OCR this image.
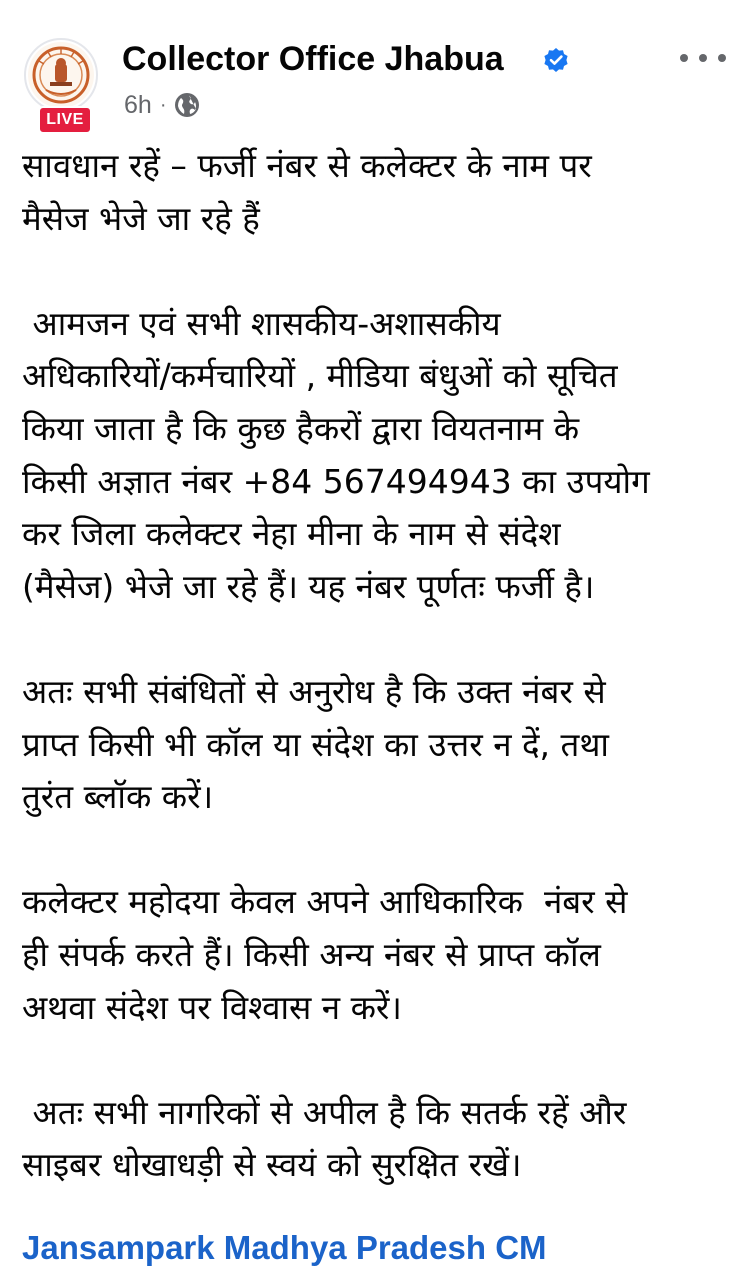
LIVE
Collector Office Jhabua
6h ·

सावधान रहें – फर्जी नंबर से कलेक्टर के नाम पर

मैसेज भेजे जा रहे हैं

आमजन एवं सभी शासकीय-अशासकीय

अधिकारियों/कर्मचारियों , मीडिया बंधुओं को सूचित

किया जाता है कि कुछ हैकरों द्वारा वियतनाम के

किसी अज्ञात नंबर +84 567494943 का उपयोग

कर जिला कलेक्टर नेहा मीना के नाम से संदेश

(मैसेज) भेजे जा रहे हैं। यह नंबर पूर्णतः फर्जी है।

अतः सभी संबंधितों से अनुरोध है कि उक्त नंबर से

प्राप्त किसी भी कॉल या संदेश का उत्तर न दें, तथा

तुरंत ब्लॉक करें।

कलेक्टर महोदया केवल अपने आधिकारिक  नंबर से

ही संपर्क करते हैं। किसी अन्य नंबर से प्राप्त कॉल

अथवा संदेश पर विश्वास न करें।

अतः सभी नागरिकों से अपील है कि सतर्क रहें और

साइबर धोखाधड़ी से स्वयं को सुरक्षित रखें।

Jansampark Madhya Pradesh CM
